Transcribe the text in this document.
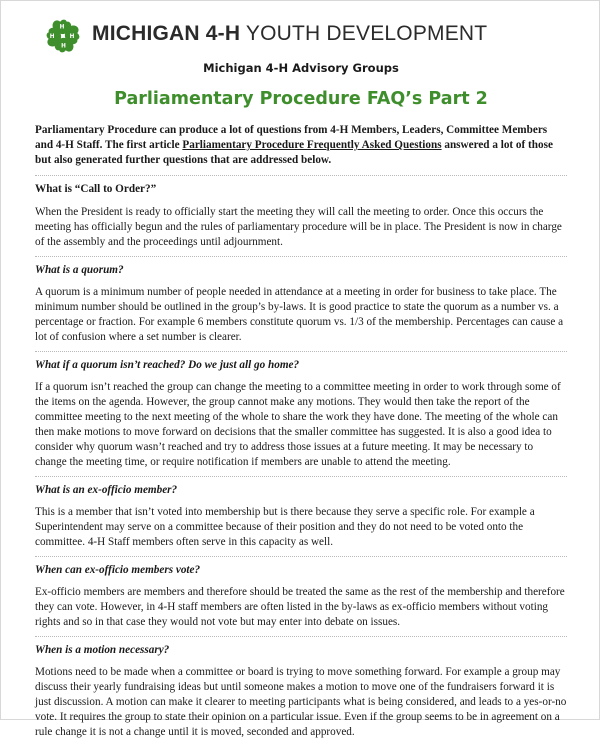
H
H
H
H MICHIGAN 4-H YOUTH DEVELOPMENT
Michigan 4-H Advisory Groups
Parliamentary Procedure FAQ’s Part 2

Parliamentary Procedure can produce a lot of questions from 4-H Members, Leaders, Committee Members and 4-H Staff. The first article Parliamentary Procedure Frequently Asked Questions answered a lot of those but also generated further questions that are addressed below.

What is “Call to Order?”

When the President is ready to officially start the meeting they will call the meeting to order. Once this occurs the meeting has officially begun and the rules of parliamentary procedure will be in place. The President is now in charge of the assembly and the proceedings until adjournment.

What is a quorum?

A quorum is a minimum number of people needed in attendance at a meeting in order for business to take place. The minimum number should be outlined in the group’s by-laws. It is good practice to state the quorum as a number vs. a percentage or fraction. For example 6 members constitute quorum vs. 1/3 of the membership. Percentages can cause a lot of confusion where a set number is clearer.

What if a quorum isn’t reached? Do we just all go home?

If a quorum isn’t reached the group can change the meeting to a committee meeting in order to work through some of the items on the agenda. However, the group cannot make any motions. They would then take the report of the committee meeting to the next meeting of the whole to share the work they have done. The meeting of the whole can then make motions to move forward on decisions that the smaller committee has suggested. It is also a good idea to consider why quorum wasn’t reached and try to address those issues at a future meeting. It may be necessary to change the meeting time, or require notification if members are unable to attend the meeting.

What is an ex-officio member?

This is a member that isn’t voted into membership but is there because they serve a specific role. For example a Superintendent may serve on a committee because of their position and they do not need to be voted onto the committee. 4-H Staff members often serve in this capacity as well.

When can ex-officio members vote?

Ex-officio members are members and therefore should be treated the same as the rest of the membership and therefore they can vote. However, in 4-H staff members are often listed in the by-laws as ex-officio members without voting rights and so in that case they would not vote but may enter into debate on issues.

When is a motion necessary?

Motions need to be made when a committee or board is trying to move something forward. For example a group may discuss their yearly fundraising ideas but until someone makes a motion to move one of the fundraisers forward it is just discussion. A motion can make it clearer to meeting participants what is being considered, and leads to a yes-or-no vote. It requires the group to state their opinion on a particular issue. Even if the group seems to be in agreement on a rule change it is not a change until it is moved, seconded and approved.
